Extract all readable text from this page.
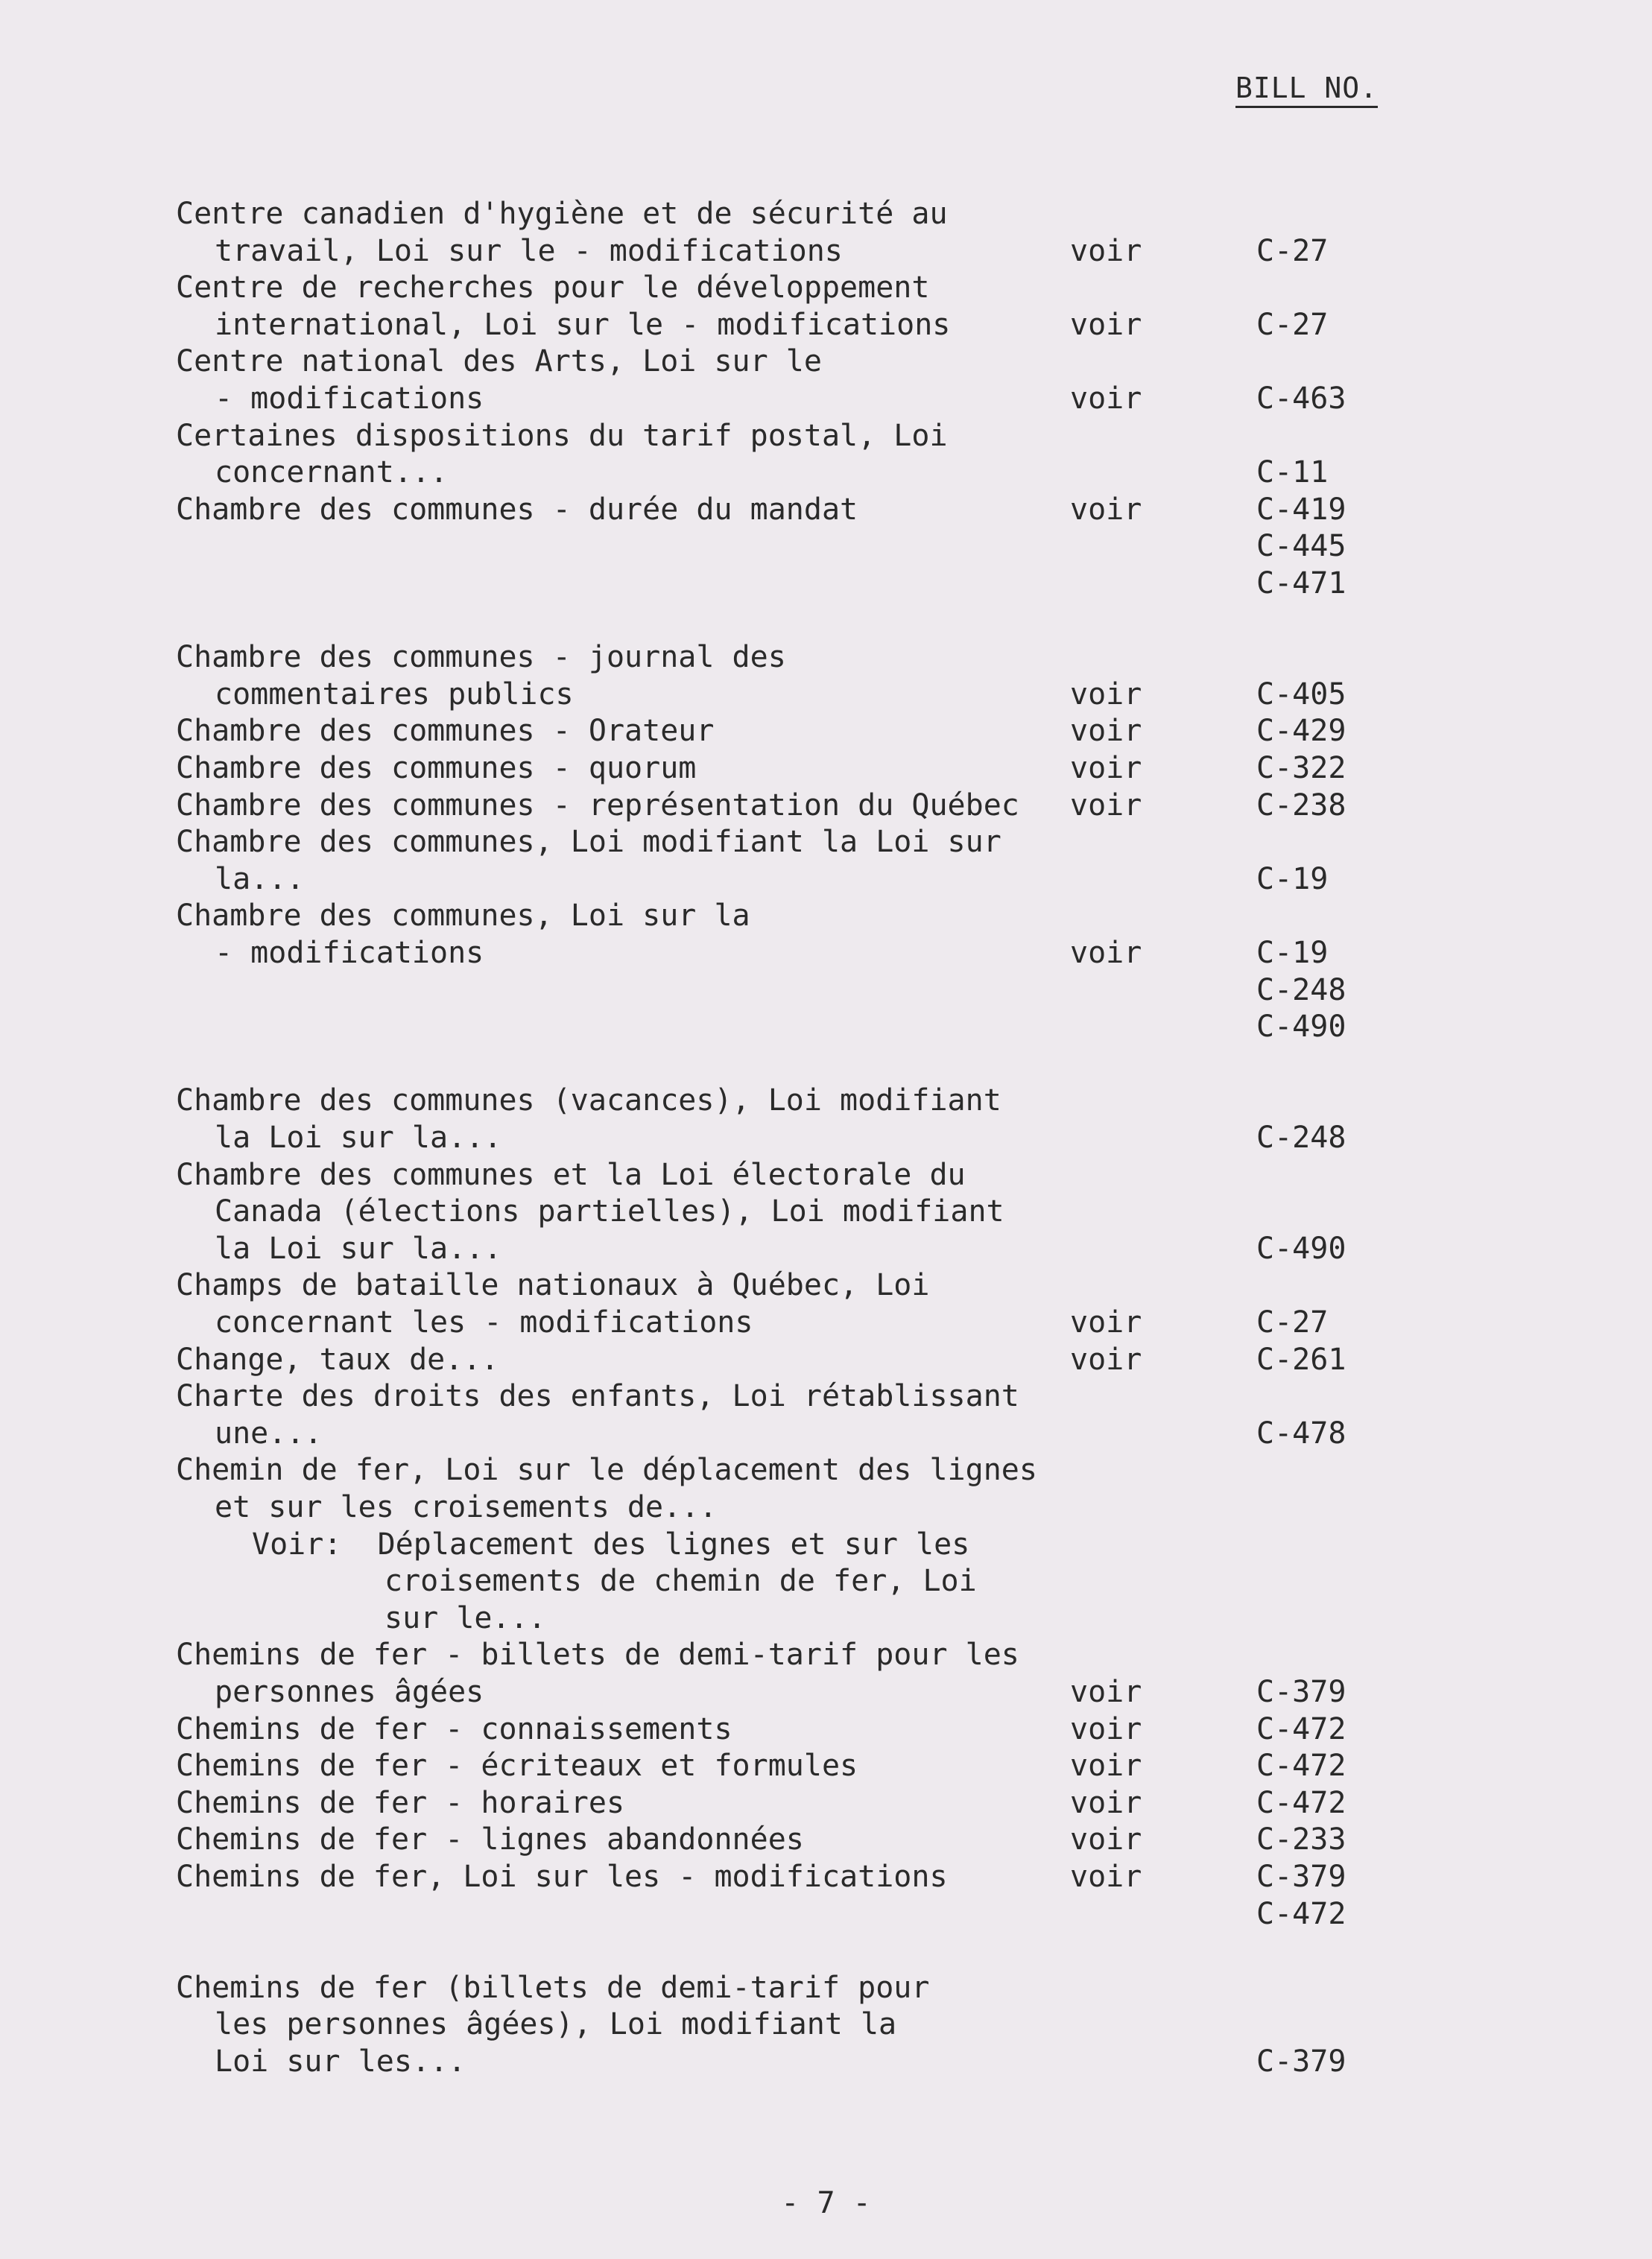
BILL NO.
Centre canadien d'hygiène et de sécurité au
travail, Loi sur le - modifications	voir	C-27
Centre de recherches pour le développement
international, Loi sur le - modifications	voir	C-27
Centre national des Arts, Loi sur le
- modifications	voir	C-463
Certaines dispositions du tarif postal, Loi
concernant...	C-11
Chambre des communes - durée du mandat	voir	C-419
C-445
C-471
Chambre des communes - journal des
commentaires publics	voir	C-405
Chambre des communes - Orateur	voir	C-429
Chambre des communes - quorum	voir	C-322
Chambre des communes - représentation du Québec voir	C-238
Chambre des communes, Loi modifiant la Loi sur
la...	C-19
Chambre des communes, Loi sur la
- modifications	voir	C-19
C-248
C-490
Chambre des communes (vacances), Loi modifiant
la Loi sur la...	C-248
Chambre des communes et la Loi électorale du
Canada (élections partielles), Loi modifiant
la Loi sur la...	C-490
Champs de bataille nationaux à Québec, Loi
concernant les - modifications	voir	C-27
Change, taux de...	voir	C-261
Charte des droits des enfants, Loi rétablissant
une...	C-478
Chemin de fer, Loi sur le déplacement des lignes
et sur les croisements de...
Voir:  Déplacement des lignes et sur les
croisements de chemin de fer, Loi
sur le...
Chemins de fer - billets de demi-tarif pour les
personnes âgées	voir	C-379
Chemins de fer - connaissements	voir	C-472
Chemins de fer - écriteaux et formules	voir	C-472
Chemins de fer - horaires	voir	C-472
Chemins de fer - lignes abandonnées	voir	C-233
Chemins de fer, Loi sur les - modifications	voir	C-379
C-472
Chemins de fer (billets de demi-tarif pour
les personnes âgées), Loi modifiant la
Loi sur les...	C-379
- 7 -
